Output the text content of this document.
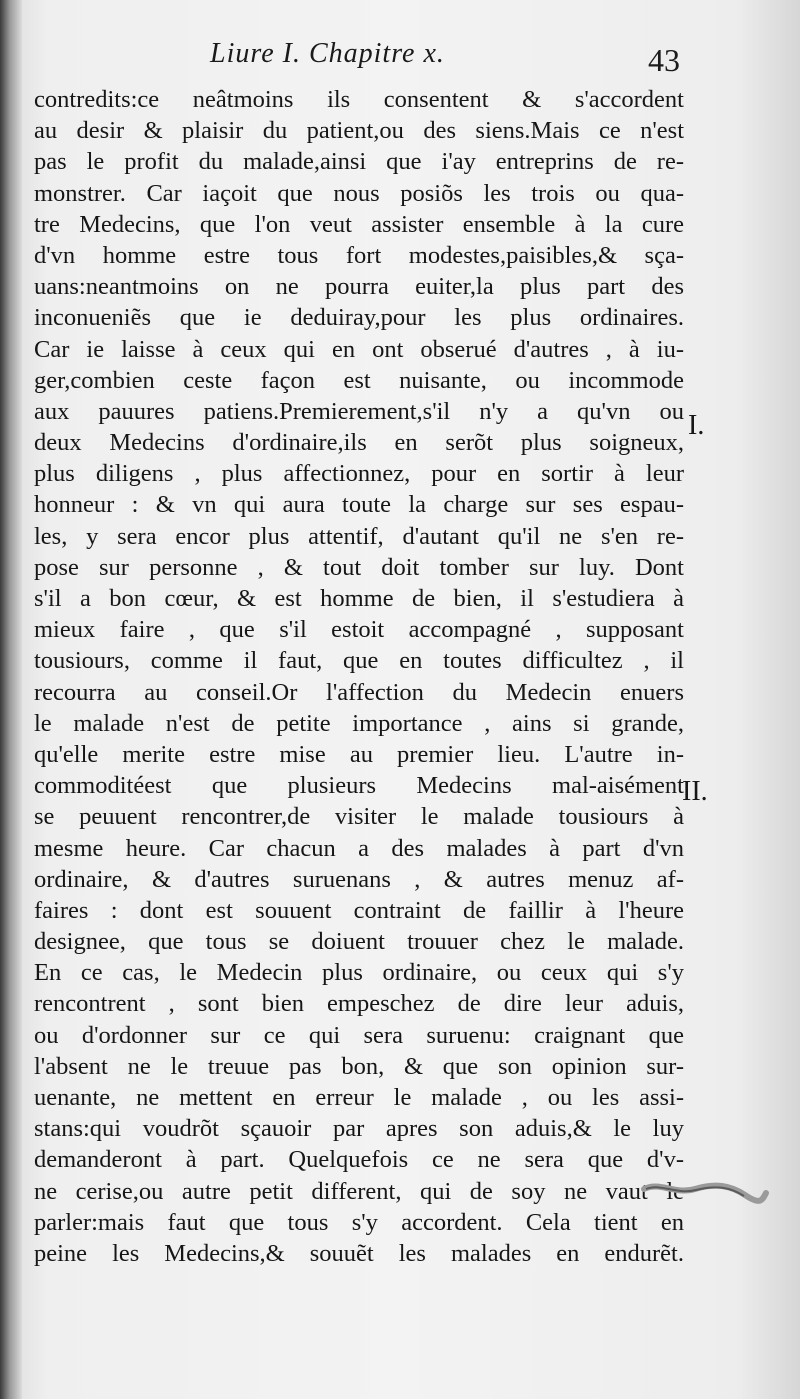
Liure I. Chapitre x.	43
contredits:ce neâtmoins ils consentent & s'accordent
au desir & plaisir du patient,ou des siens.Mais ce n'est
pas le profit du malade,ainsi que i'ay entreprins de re-
monstrer. Car iaçoit que nous posiõs les trois ou qua-
tre Medecins, que l'on veut assister ensemble à la cure
d'vn homme estre tous fort modestes,paisibles,& sça-
uans:neantmoins on ne pourra euiter,la plus part des
inconueniẽs que ie deduiray,pour les plus ordinaires.
Car ie laisse à ceux qui en ont obserué d'autres , à iu-
ger,combien ceste façon est nuisante, ou incommode
aux pauures patiens.Premierement,s'il n'y a qu'vn ou
deux Medecins d'ordinaire,ils en serõt plus soigneux,
plus diligens , plus affectionnez, pour en sortir à leur
honneur : & vn qui aura toute la charge sur ses espau-
les, y sera encor plus attentif, d'autant qu'il ne s'en re-
pose sur personne , & tout doit tomber sur luy. Dont
s'il a bon cœur, & est homme de bien, il s'estudiera à
mieux faire , que s'il estoit accompagné , supposant
tousiours, comme il faut, que en toutes difficultez , il
recourra au conseil.Or l'affection du Medecin enuers
le malade n'est de petite importance , ains si grande,
qu'elle merite estre mise au premier lieu. L'autre in-
commoditéest que plusieurs Medecins mal-aisément
se peuuent rencontrer,de visiter le malade tousiours à
mesme heure. Car chacun a des malades à part d'vn
ordinaire, & d'autres suruenans , & autres menuz af-
faires : dont est souuent contraint de faillir à l'heure
designee, que tous se doiuent trouuer chez le malade.
En ce cas, le Medecin plus ordinaire, ou ceux qui s'y
rencontrent , sont bien empeschez de dire leur aduis,
ou d'ordonner sur ce qui sera suruenu: craignant que
l'absent ne le treuue pas bon, & que son opinion sur-
uenante, ne mettent en erreur le malade , ou les assi-
stans:qui voudrõt sçauoir par apres son aduis,& le luy
demanderont à part. Quelquefois ce ne sera que d'v-
ne cerise,ou autre petit different, qui de soy ne vaut le
parler:mais faut que tous s'y accordent. Cela tient en
peine les Medecins,& souuẽt les malades en endurẽt.
I.
II.
